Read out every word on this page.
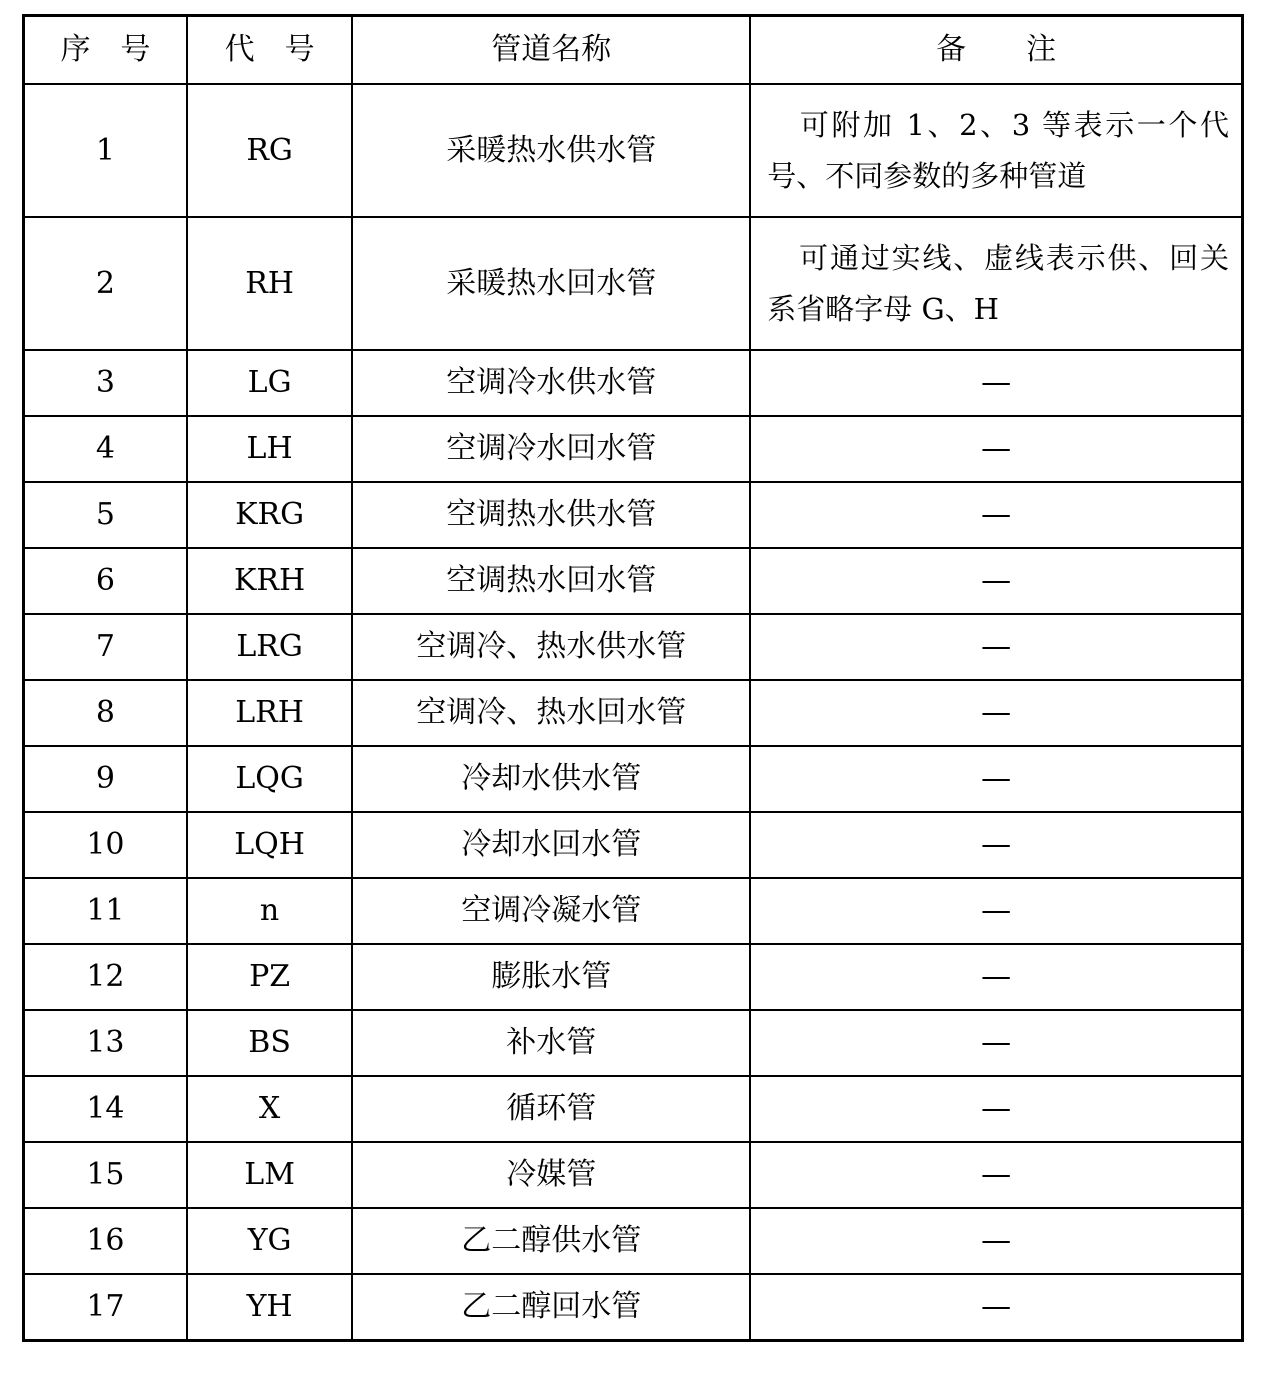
序　号	代　号	管道名称	备　　注
1	RG	采暖热水供水管	可附加 1、2、3 等表示一个代号、不同参数的多种管道
2	RH	采暖热水回水管	可通过实线、虚线表示供、回关系省略字母 G、H
3	LG	空调冷水供水管	—
4	LH	空调冷水回水管	—
5	KRG	空调热水供水管	—
6	KRH	空调热水回水管	—
7	LRG	空调冷、热水供水管	—
8	LRH	空调冷、热水回水管	—
9	LQG	冷却水供水管	—
10	LQH	冷却水回水管	—
11	n	空调冷凝水管	—
12	PZ	膨胀水管	—
13	BS	补水管	—
14	X	循环管	—
15	LM	冷媒管	—
16	YG	乙二醇供水管	—
17	YH	乙二醇回水管	—
